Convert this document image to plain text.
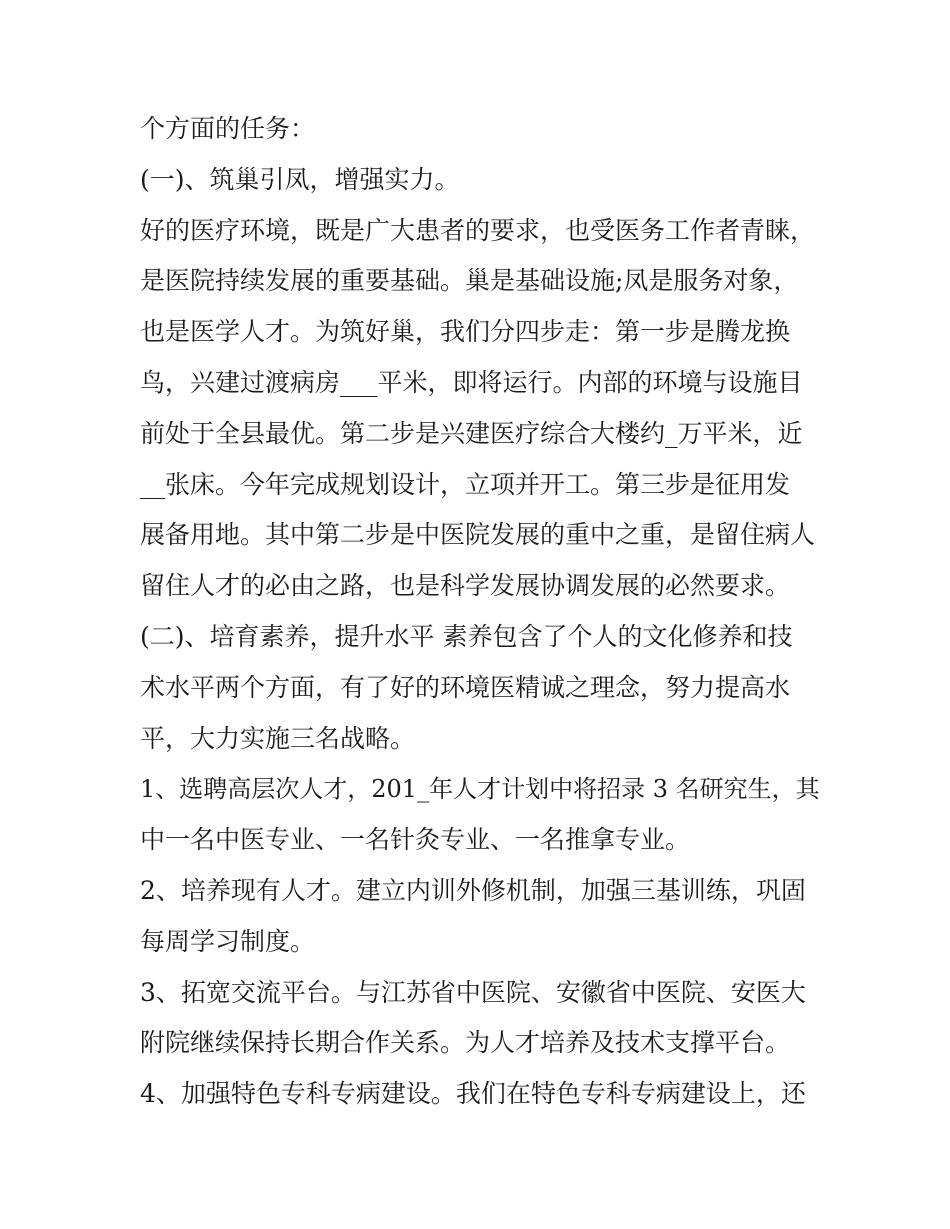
个方面的任务：
(一)、筑巢引凤，增强实力。
好的医疗环境，既是广大患者的要求，也受医务工作者青睐，
是医院持续发展的重要基础。巢是基础设施;凤是服务对象，
也是医学人才。为筑好巢，我们分四步走：第一步是腾龙换
鸟，兴建过渡病房___平米，即将运行。内部的环境与设施目
前处于全县最优。第二步是兴建医疗综合大楼约_万平米，近
__张床。今年完成规划设计，立项并开工。第三步是征用发
展备用地。其中第二步是中医院发展的重中之重，是留住病人
留住人才的必由之路，也是科学发展协调发展的必然要求。
(二)、培育素养，提升水平 素养包含了个人的文化修养和技
术水平两个方面，有了好的环境医精诚之理念，努力提高水
平，大力实施三名战略。
1、选聘高层次人才，201_年人才计划中将招录 3 名研究生，其
中一名中医专业、一名针灸专业、一名推拿专业。
2、培养现有人才。建立内训外修机制，加强三基训练，巩固
每周学习制度。
3、拓宽交流平台。与江苏省中医院、安徽省中医院、安医大
附院继续保持长期合作关系。为人才培养及技术支撑平台。
4、加强特色专科专病建设。我们在特色专科专病建设上，还
